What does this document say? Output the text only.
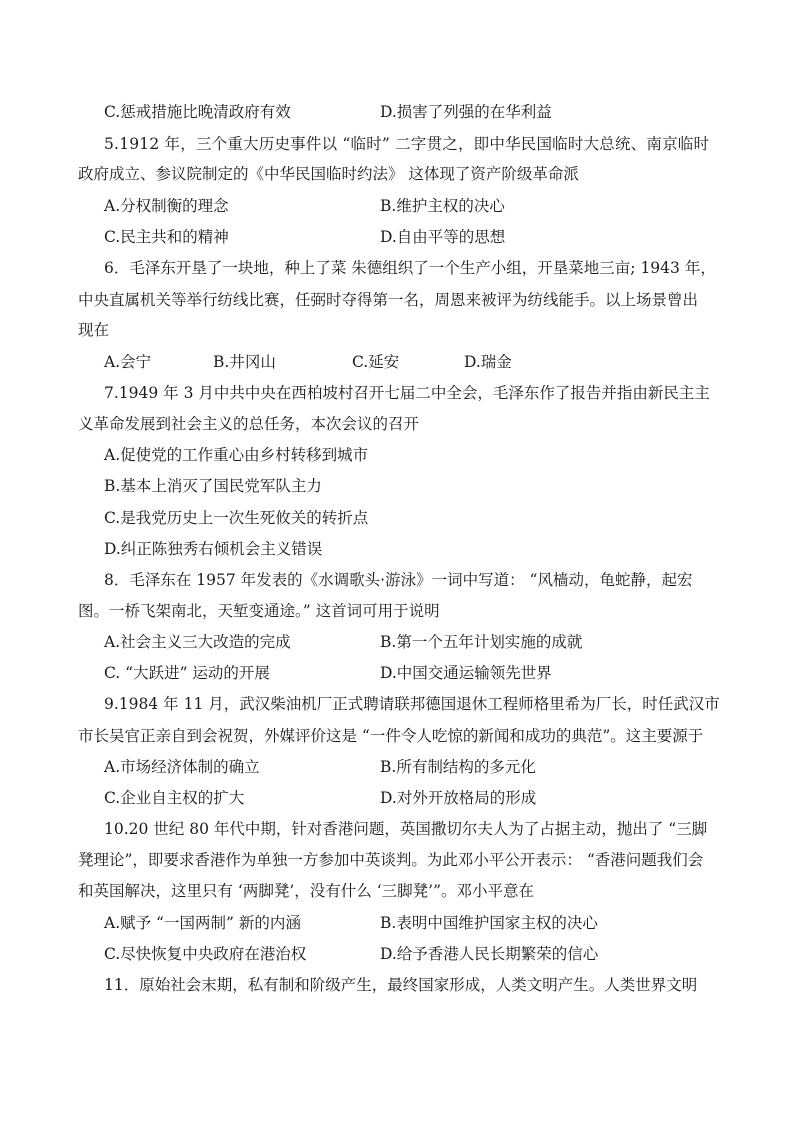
C.惩戒措施比晚清政府有效	D.损害了列强的在华利益
5.1912 年，三个重大历史事件以 “临时” 二字贯之，即中华民国临时大总统、南京临时
政府成立、参议院制定的《中华民国临时约法》 这体现了资产阶级革命派
A.分权制衡的理念	B.维护主权的决心
C.民主共和的精神	D.自由平等的思想
6．毛泽东开垦了一块地，种上了菜 朱德组织了一个生产小组，开垦菜地三亩; 1943 年，
中央直属机关等举行纺线比赛，任弼时夺得第一名，周恩来被评为纺线能手。以上场景曾出
现在
A.会宁	B.井冈山	C.延安	D.瑞金
7.1949 年 3 月中共中央在西柏坡村召开七届二中全会，毛泽东作了报告并指由新民主主
义革命发展到社会主义的总任务，本次会议的召开
A.促使党的工作重心由乡村转移到城市
B.基本上消灭了国民党军队主力
C.是我党历史上一次生死攸关的转折点
D.纠正陈独秀右倾机会主义错误
8．毛泽东在 1957 年发表的《水调歌头·游泳》一词中写道： “风樯动，龟蛇静，起宏
图。一桥飞架南北，天堑变通途。” 这首词可用于说明
A.社会主义三大改造的完成	B.第一个五年计划实施的成就
C. “大跃进” 运动的开展	D.中国交通运输领先世界
9.1984 年 11 月，武汉柴油机厂正式聘请联邦德国退休工程师格里希为厂长，时任武汉市
市长吴官正亲自到会祝贺，外媒评价这是 “一件令人吃惊的新闻和成功的典范”。这主要源于
A.市场经济体制的确立	B.所有制结构的多元化
C.企业自主权的扩大	D.对外开放格局的形成
10.20 世纪 80 年代中期，针对香港问题，英国撒切尔夫人为了占据主动，抛出了 “三脚
凳理论”，即要求香港作为单独一方参加中英谈判。为此邓小平公开表示： “香港问题我们会
和英国解决，这里只有 ‘两脚凳’，没有什么 ‘三脚凳’”。邓小平意在
A.赋予 “一国两制” 新的内涵	B.表明中国维护国家主权的决心
C.尽快恢复中央政府在港治权	D.给予香港人民长期繁荣的信心
11．原始社会末期，私有制和阶级产生，最终国家形成，人类文明产生。人类世界文明
